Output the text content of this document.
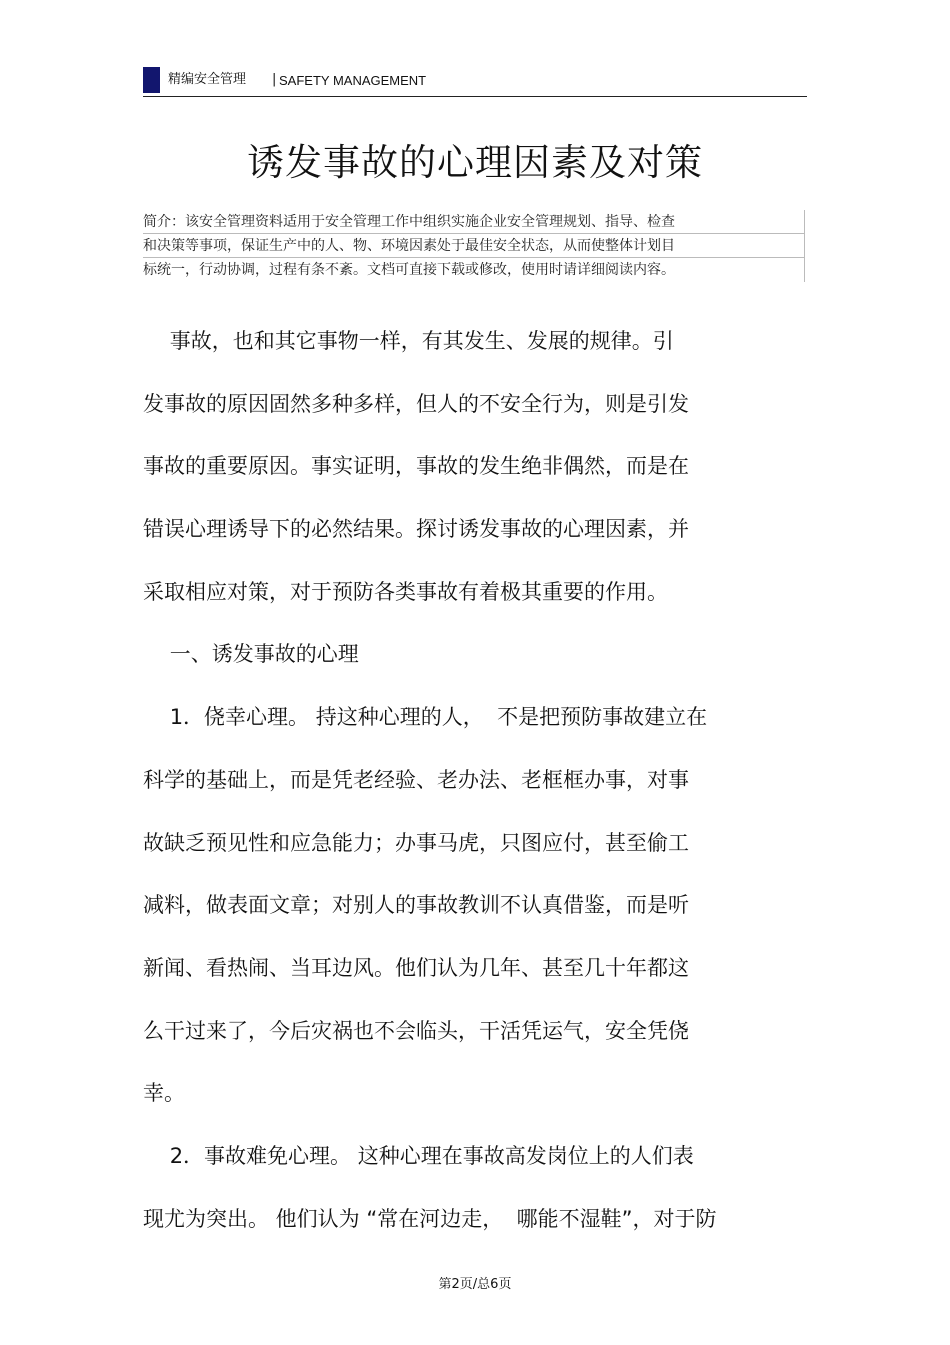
精编安全管理 | SAFETY MANAGEMENT
诱发事故的心理因素及对策
简介：该安全管理资料适用于安全管理工作中组织实施企业安全管理规划、指导、检查
和决策等事项，保证生产中的人、物、环境因素处于最佳安全状态，从而使整体计划目
标统一，行动协调，过程有条不紊。文档可直接下载或修改，使用时请详细阅读内容。
事故，也和其它事物一样，有其发生、发展的规律。引
发事故的原因固然多种多样，但人的不安全行为，则是引发
事故的重要原因。事实证明，事故的发生绝非偶然，而是在
错误心理诱导下的必然结果。探讨诱发事故的心理因素，并
采取相应对策，对于预防各类事故有着极其重要的作用。
一、诱发事故的心理
1．侥幸心理。 持这种心理的人，  不是把预防事故建立在
科学的基础上，而是凭老经验、老办法、老框框办事，对事
故缺乏预见性和应急能力；办事马虎，只图应付，甚至偷工
减料，做表面文章；对别人的事故教训不认真借鉴，而是听
新闻、看热闹、当耳边风。他们认为几年、甚至几十年都这
么干过来了，今后灾祸也不会临头，干活凭运气，安全凭侥
幸。
2．事故难免心理。 这种心理在事故高发岗位上的人们表
现尤为突出。 他们认为 “常在河边走，  哪能不湿鞋”，对于防
第2页/总6页
